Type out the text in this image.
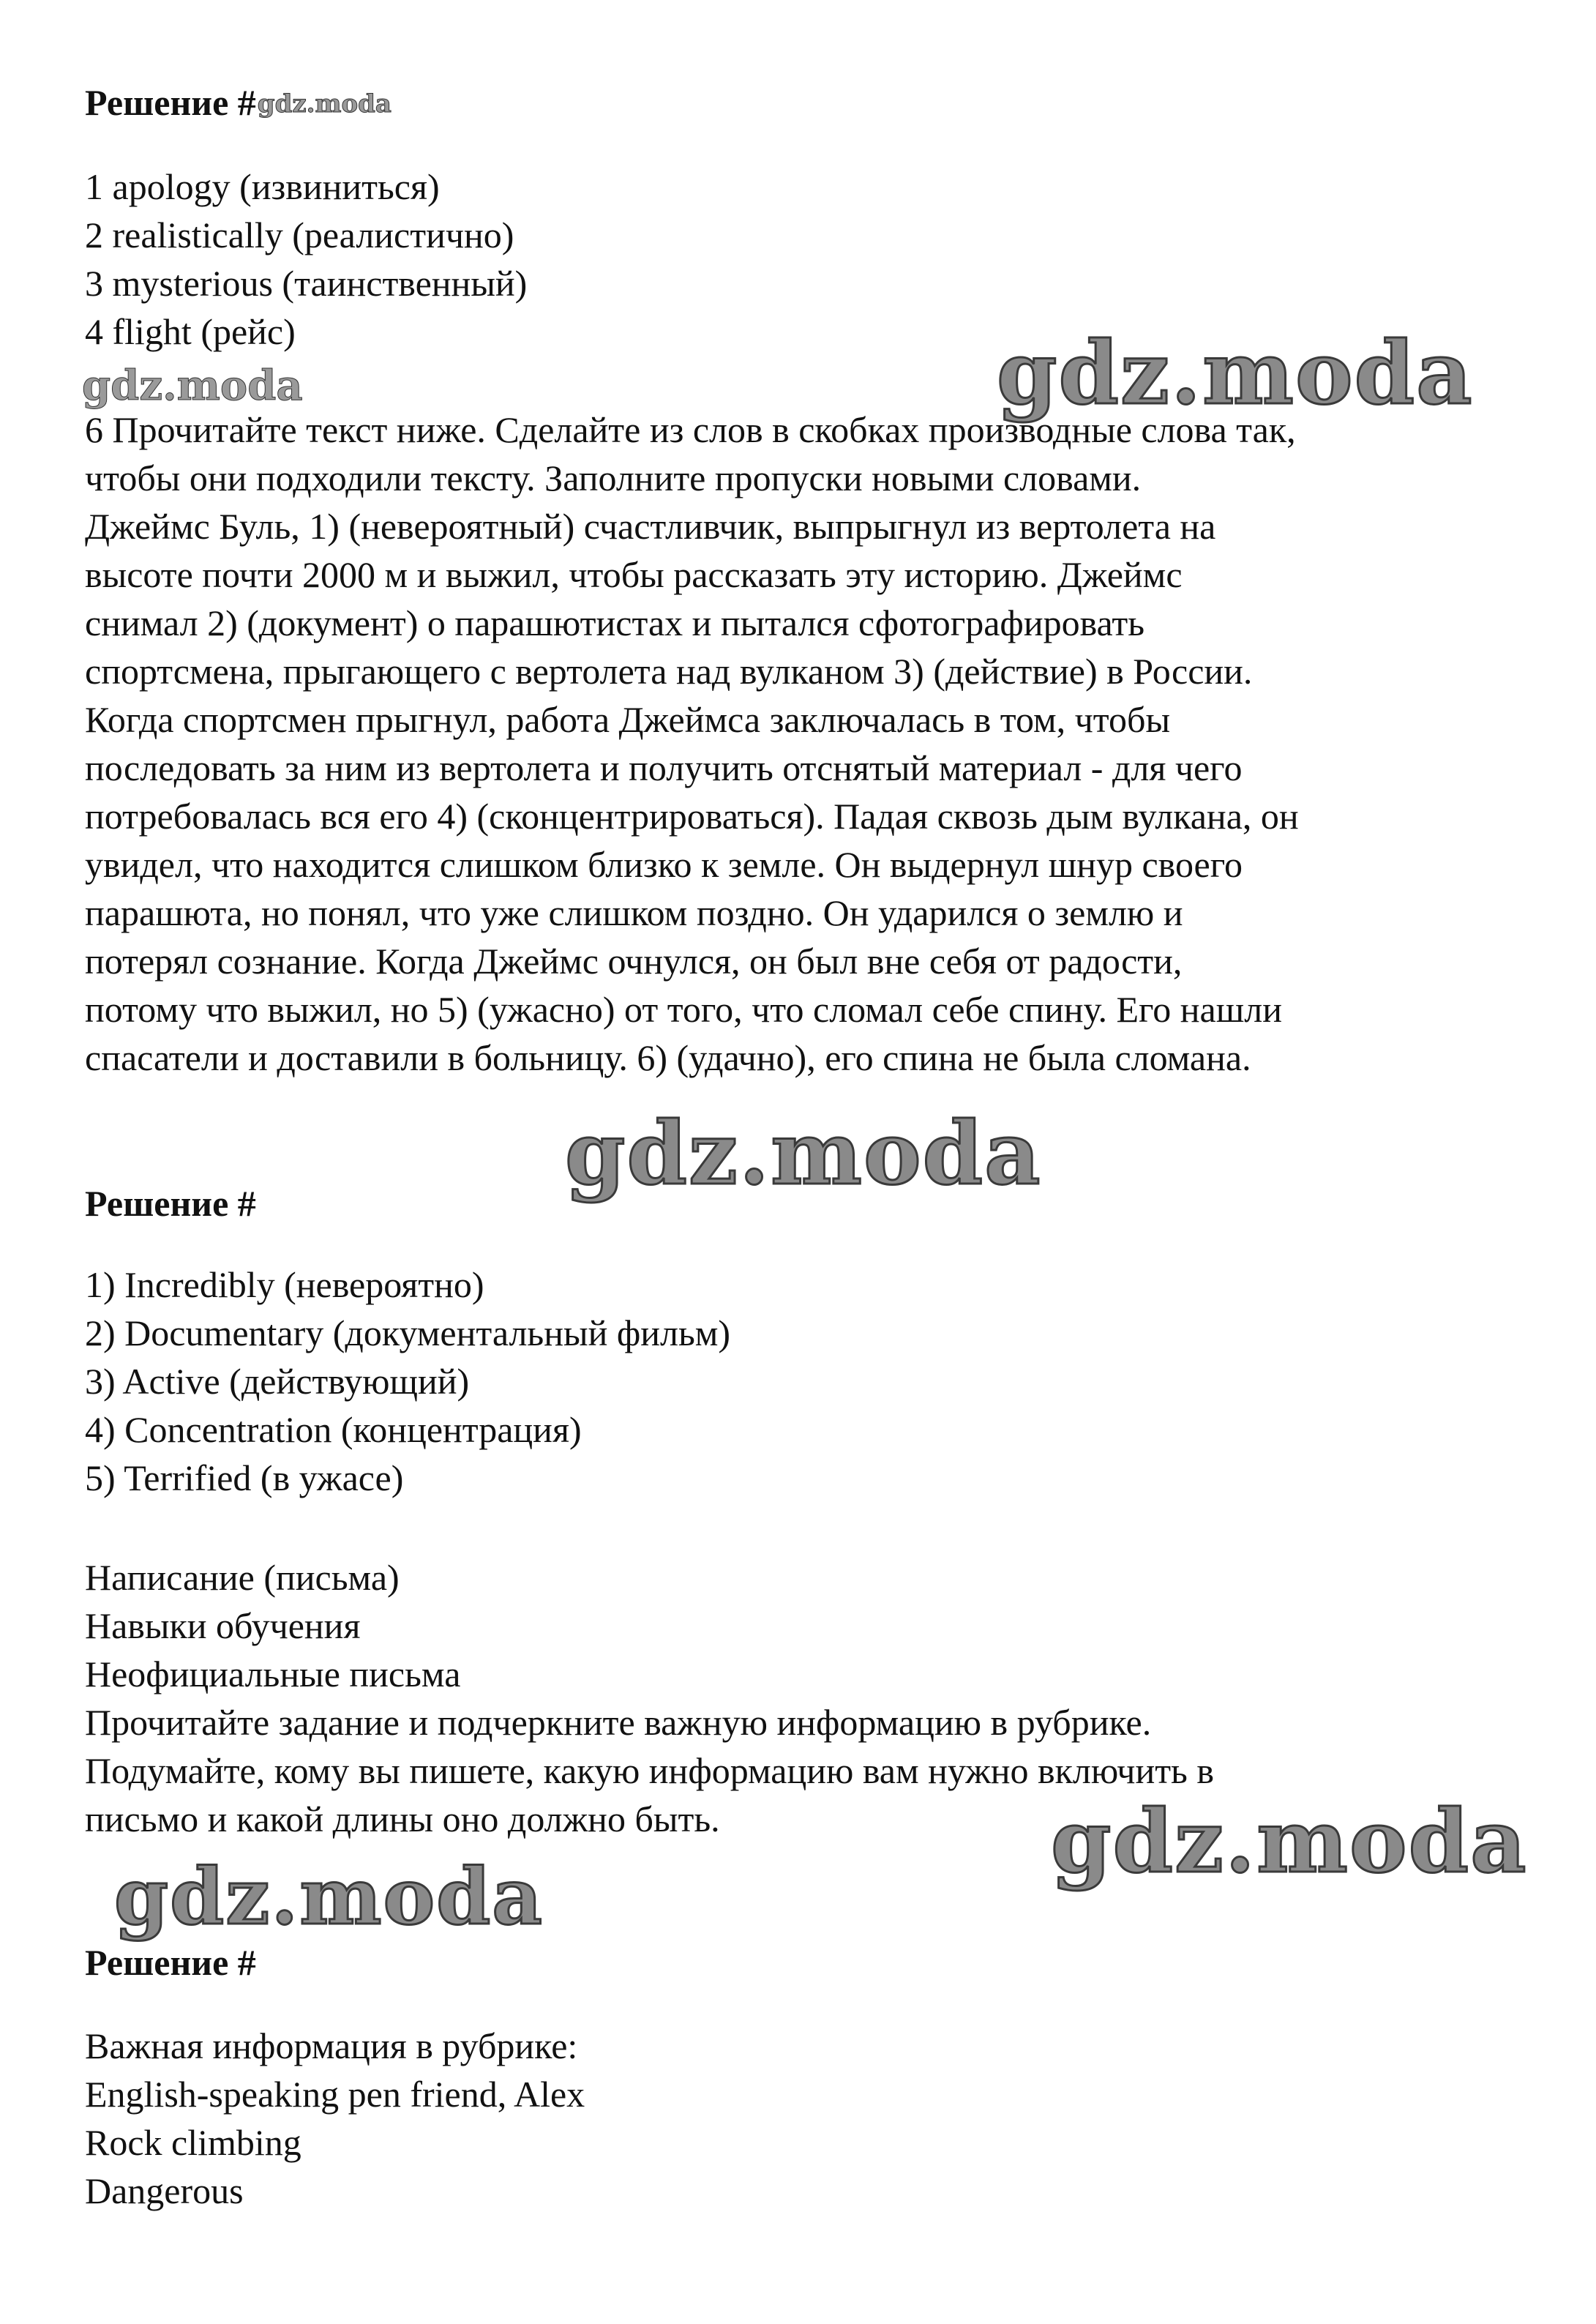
Решение #gdz.moda
1 apology (извиниться)
2 realistically (реалистично)
3 mysterious (таинственный)
4 flight (рейс)	gdz.moda
gdz.moda
6 Прочитайте текст ниже. Сделайте из слов в скобках производные слова так,
чтобы они подходили тексту. Заполните пропуски новыми словами.
Джеймс Буль, 1) (невероятный) счастливчик, выпрыгнул из вертолета на
высоте почти 2000 м и выжил, чтобы рассказать эту историю. Джеймс
снимал 2) (документ) о парашютистах и пытался сфотографировать
спортсмена, прыгающего с вертолета над вулканом 3) (действие) в России.
Когда спортсмен прыгнул, работа Джеймса заключалась в том, чтобы
последовать за ним из вертолета и получить отснятый материал - для чего
потребовалась вся его 4) (сконцентрироваться). Падая сквозь дым вулкана, он
увидел, что находится слишком близко к земле. Он выдернул шнур своего
парашюта, но понял, что уже слишком поздно. Он ударился о землю и
потерял сознание. Когда Джеймс очнулся, он был вне себя от радости,
потому что выжил, но 5) (ужасно) от того, что сломал себе спину. Его нашли
спасатели и доставили в больницу. 6) (удачно), его спина не была сломана.
gdz.moda
Решение #
1) Incredibly (невероятно)
2) Documentary (документальный фильм)
3) Active (действующий)
4) Concentration (концентрация)
5) Terrified (в ужасе)
Написание (письма)
Навыки обучения
Неофициальные письма
Прочитайте задание и подчеркните важную информацию в рубрике.
Подумайте, кому вы пишете, какую информацию вам нужно включить в
письмо и какой длины оно должно быть.	gdz.moda
gdz.moda
Решение #
Важная информация в рубрике:
English-speaking pen friend, Alex
Rock climbing
Dangerous
